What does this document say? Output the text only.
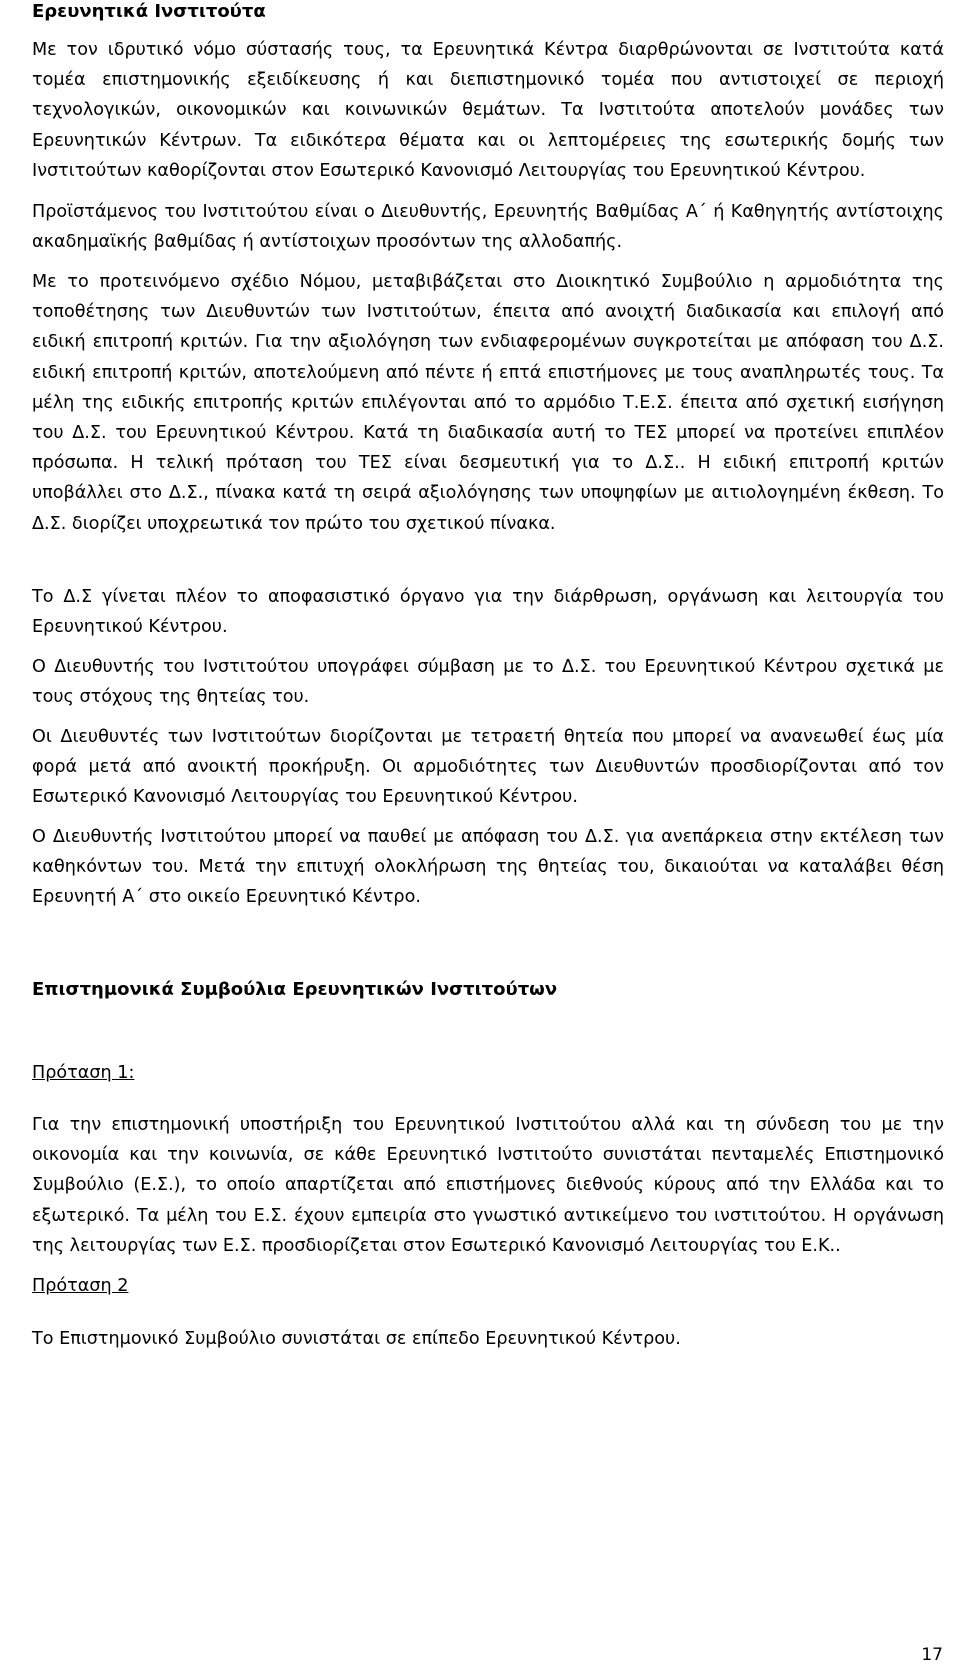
Ερευνητικά Ινστιτούτα

Με τον ιδρυτικό νόμο σύστασής τους, τα Ερευνητικά Κέντρα διαρθρώνονται σε Ινστιτούτα κατά τομέα επιστημονικής εξειδίκευσης ή και διεπιστημονικό τομέα που αντιστοιχεί σε περιοχή τεχνολογικών, οικονομικών και κοινωνικών θεμάτων. Τα Ινστιτούτα αποτελούν μονάδες των Ερευνητικών Κέντρων. Τα ειδικότερα θέματα και οι λεπτομέρειες της εσωτερικής δομής των Ινστιτούτων καθορίζονται στον Εσωτερικό Κανονισμό Λειτουργίας του Ερευνητικού Κέντρου.

Προϊστάμενος του Ινστιτούτου είναι ο Διευθυντής, Ερευνητής Βαθμίδας Α΄ ή Καθηγητής αντίστοιχης ακαδημαϊκής βαθμίδας ή αντίστοιχων προσόντων της αλλοδαπής.

Με το προτεινόμενο σχέδιο Νόμου, μεταβιβάζεται στο Διοικητικό Συμβούλιο η αρμοδιότητα της τοποθέτησης των Διευθυντών των Ινστιτούτων, έπειτα από ανοιχτή διαδικασία και επιλογή από ειδική επιτροπή κριτών. Για την αξιολόγηση των ενδιαφερομένων συγκροτείται με απόφαση του Δ.Σ. ειδική επιτροπή κριτών, αποτελούμενη από πέντε ή επτά επιστήμονες με τους αναπληρωτές τους. Τα μέλη της ειδικής επιτροπής κριτών επιλέγονται από το αρμόδιο Τ.Ε.Σ. έπειτα από σχετική εισήγηση του Δ.Σ. του Ερευνητικού Κέντρου. Κατά τη διαδικασία αυτή το ΤΕΣ μπορεί να προτείνει επιπλέον πρόσωπα. Η τελική πρόταση του ΤΕΣ είναι δεσμευτική για το Δ.Σ.. Η ειδική επιτροπή κριτών υποβάλλει στο Δ.Σ., πίνακα κατά τη σειρά αξιολόγησης των υποψηφίων με αιτιολογημένη έκθεση. Το Δ.Σ. διορίζει υποχρεωτικά τον πρώτο του σχετικού πίνακα.

Το Δ.Σ γίνεται πλέον το αποφασιστικό όργανο για την διάρθρωση, οργάνωση και λειτουργία του Ερευνητικού Κέντρου.

Ο Διευθυντής του Ινστιτούτου υπογράφει σύμβαση με το Δ.Σ. του Ερευνητικού Κέντρου σχετικά με τους στόχους της θητείας του.

Οι Διευθυντές των Ινστιτούτων διορίζονται με τετραετή θητεία που μπορεί να ανανεωθεί έως μία φορά μετά από ανοικτή προκήρυξη. Οι αρμοδιότητες των Διευθυντών προσδιορίζονται από τον Εσωτερικό Κανονισμό Λειτουργίας του Ερευνητικού Κέντρου.

Ο Διευθυντής Ινστιτούτου μπορεί να παυθεί με απόφαση του Δ.Σ. για ανεπάρκεια στην εκτέλεση των καθηκόντων του. Μετά την επιτυχή ολοκλήρωση της θητείας του, δικαιούται να καταλάβει θέση Ερευνητή Α΄ στο οικείο Ερευνητικό Κέντρο.

Επιστημονικά Συμβούλια Ερευνητικών Ινστιτούτων

Πρόταση 1:

Για την επιστημονική υποστήριξη του Ερευνητικού Ινστιτούτου αλλά και τη σύνδεση του με την οικονομία και την κοινωνία, σε κάθε Ερευνητικό Ινστιτούτο συνιστάται πενταμελές Επιστημονικό Συμβούλιο (Ε.Σ.), το οποίο απαρτίζεται από επιστήμονες διεθνούς κύρους από την Ελλάδα και το εξωτερικό. Τα μέλη του Ε.Σ. έχουν εμπειρία στο γνωστικό αντικείμενο του ινστιτούτου. Η οργάνωση της λειτουργίας των Ε.Σ. προσδιορίζεται στον Εσωτερικό Κανονισμό Λειτουργίας του Ε.Κ..

Πρόταση 2

Το Επιστημονικό Συμβούλιο συνιστάται σε επίπεδο Ερευνητικού Κέντρου.

17
